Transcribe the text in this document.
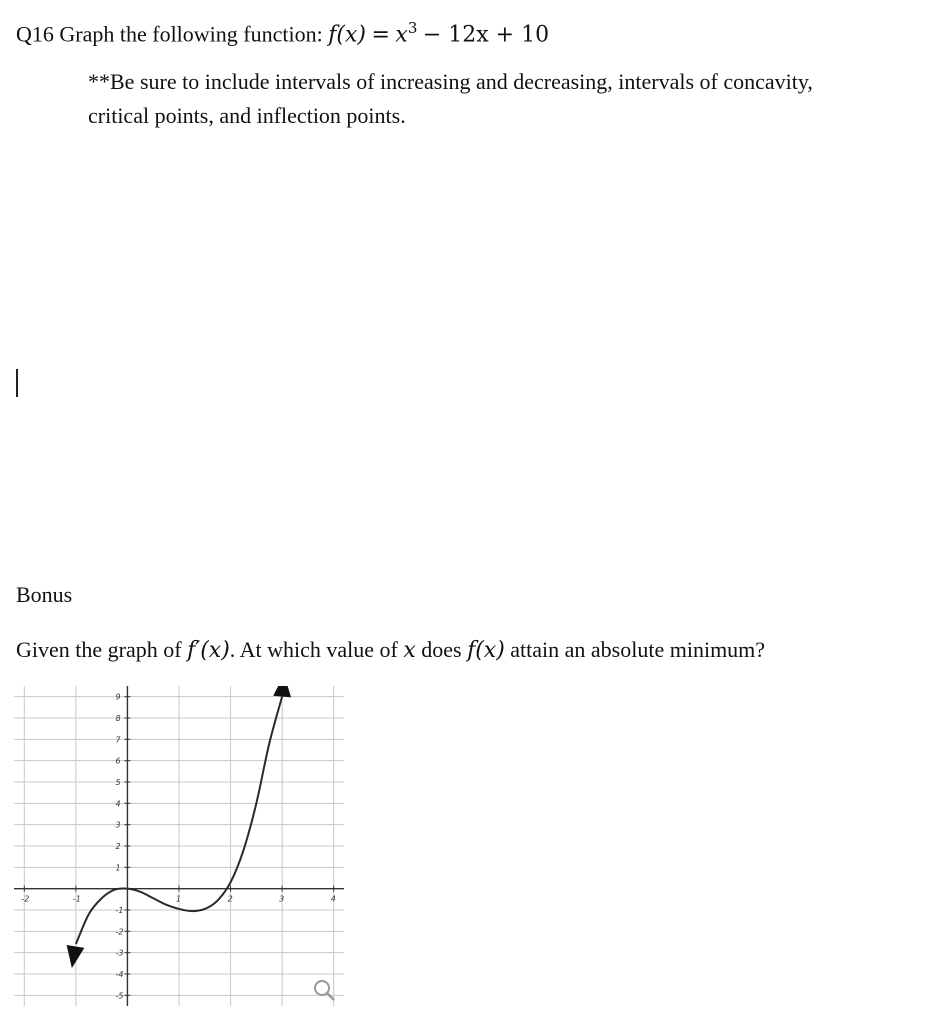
Q16 Graph the following function: $f(x) = x^3 - 12x + 10$
**Be sure to include intervals of increasing and decreasing, intervals of concavity,
critical points, and inflection points.
Bonus
Given the graph of f′(x). At which value of x does f(x) attain an absolute minimum?
-2	-1	1	2	3	4
9
8
7
6
5
4
3
2
1
-1
-2
-3
-4
-5
